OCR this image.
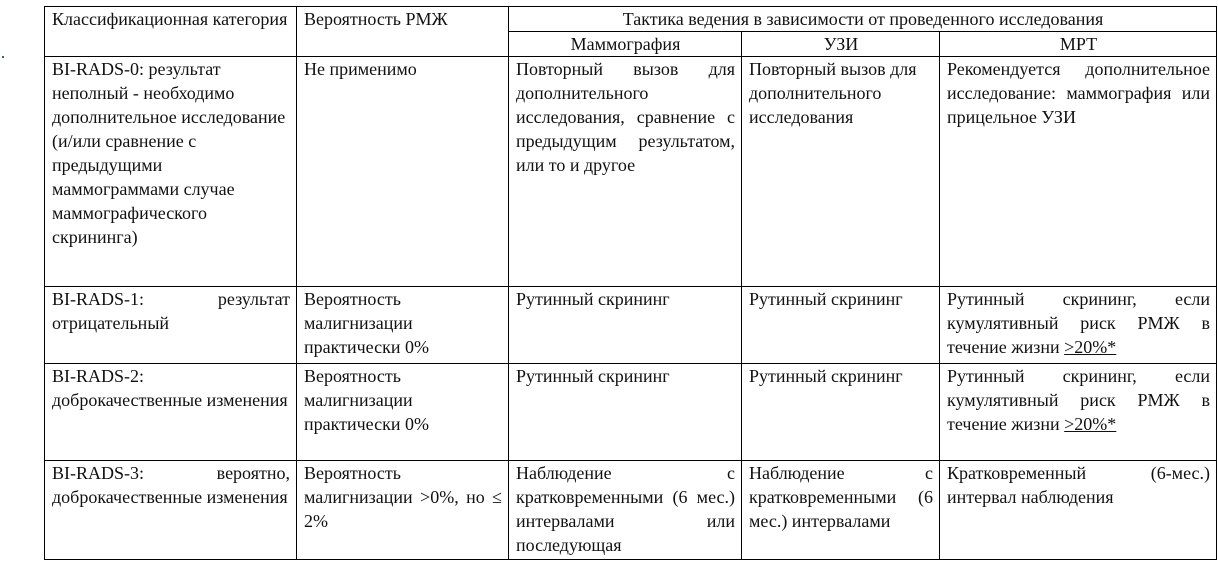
Классификационная категория	Вероятность РМЖ	Тактика ведения в зависимости от проведенного исследования		
		Маммография	УЗИ	МРТ
BI-RADS-0: результат неполный - необходимо дополнительное исследование (и/или сравнение с предыдущими маммограммами случае маммографического скрининга)	Не применимо	Повторный вызов для дополнительного исследования, сравнение с предыдущим результатом, или то и другое	Повторный вызов для дополнительного исследования	Рекомендуется дополнительное исследование: маммография или прицельное УЗИ
BI-RADS-1: результат отрицательный	Вероятность малигнизации практически 0%	Рутинный скрининг	Рутинный скрининг	Рутинный скрининг, если кумулятивный риск РМЖ в течение жизни >20%*
BI-RADS-2: доброкачественные изменения	Вероятность малигнизации практически 0%	Рутинный скрининг	Рутинный скрининг	Рутинный скрининг, если кумулятивный риск РМЖ в течение жизни >20%*
BI-RADS-3: вероятно, доброкачественные изменения	Вероятность малигнизации >0%, но ≤ 2%	Наблюдение с кратковременными (6 мес.) интервалами или последующая	Наблюдение с кратковременными (6 мес.) интервалами	Кратковременный (6-мес.) интервал наблюдения
